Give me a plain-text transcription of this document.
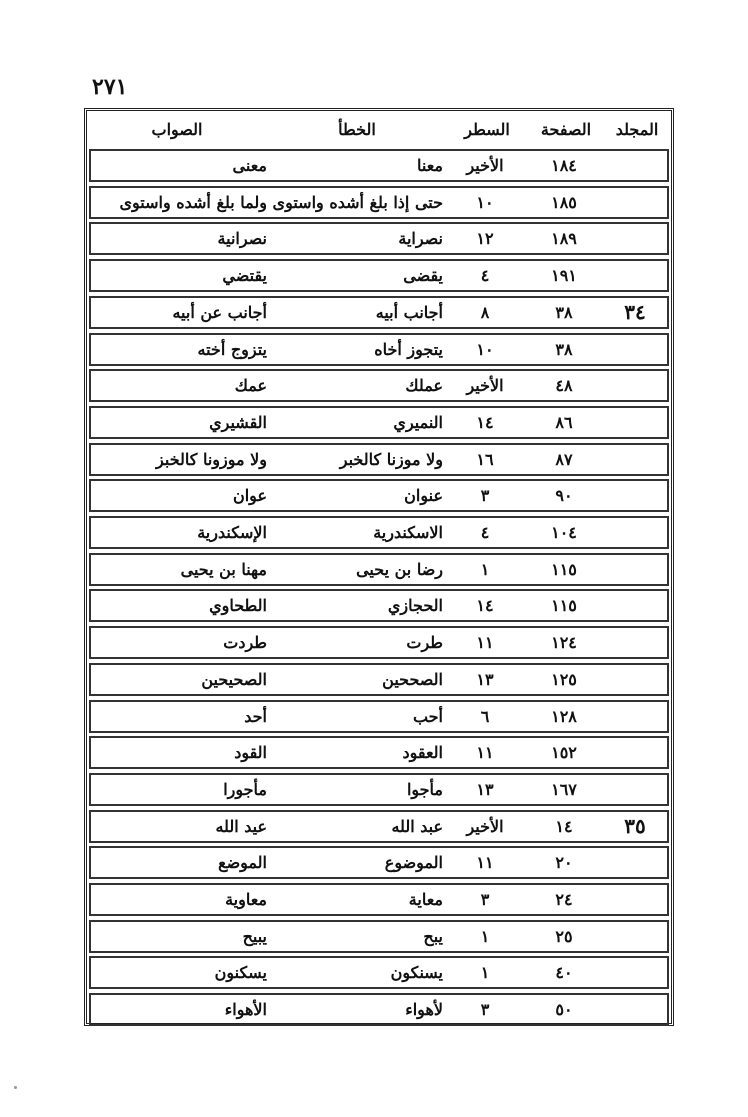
٢٧١
المجلد
الصفحة
السطر
الخطأ
الصواب
١٨٤
الأخير
معنا
معنى
١٨٥
١٠
حتى إذا بلغ أشده واستوى
ولما بلغ أشده واستوى
١٨٩
١٢
نصراية
نصرانية
١٩١
٤
يقضى
يقتضي
٣٤
٣٨
٨
أجانب أبيه
أجانب عن أبيه
٣٨
١٠
يتجوز أخاه
يتزوج أخته
٤٨
الأخير
عملك
عمك
٨٦
١٤
النميري
القشيري
٨٧
١٦
ولا موزنا كالخبر
ولا موزونا كالخبز
٩٠
٣
عنوان
عوان
١٠٤
٤
الاسكندرية
الإسكندرية
١١٥
١
رضا بن يحيى
مهنا بن يحيى
١١٥
١٤
الحجازي
الطحاوي
١٢٤
١١
طرت
طردت
١٢٥
١٣
الصححين
الصحيحين
١٢٨
٦
أحب
أحد
١٥٢
١١
العقود
القود
١٦٧
١٣
مأجوا
مأجورا
٣٥
١٤
الأخير
عبد الله
عيد الله
٢٠
١١
الموضوع
الموضع
٢٤
٣
معاية
معاوية
٢٥
١
يبح
يبيح
٤٠
١
يسنكون
يسكنون
٥٠
٣
لأهواء
الأهواء
